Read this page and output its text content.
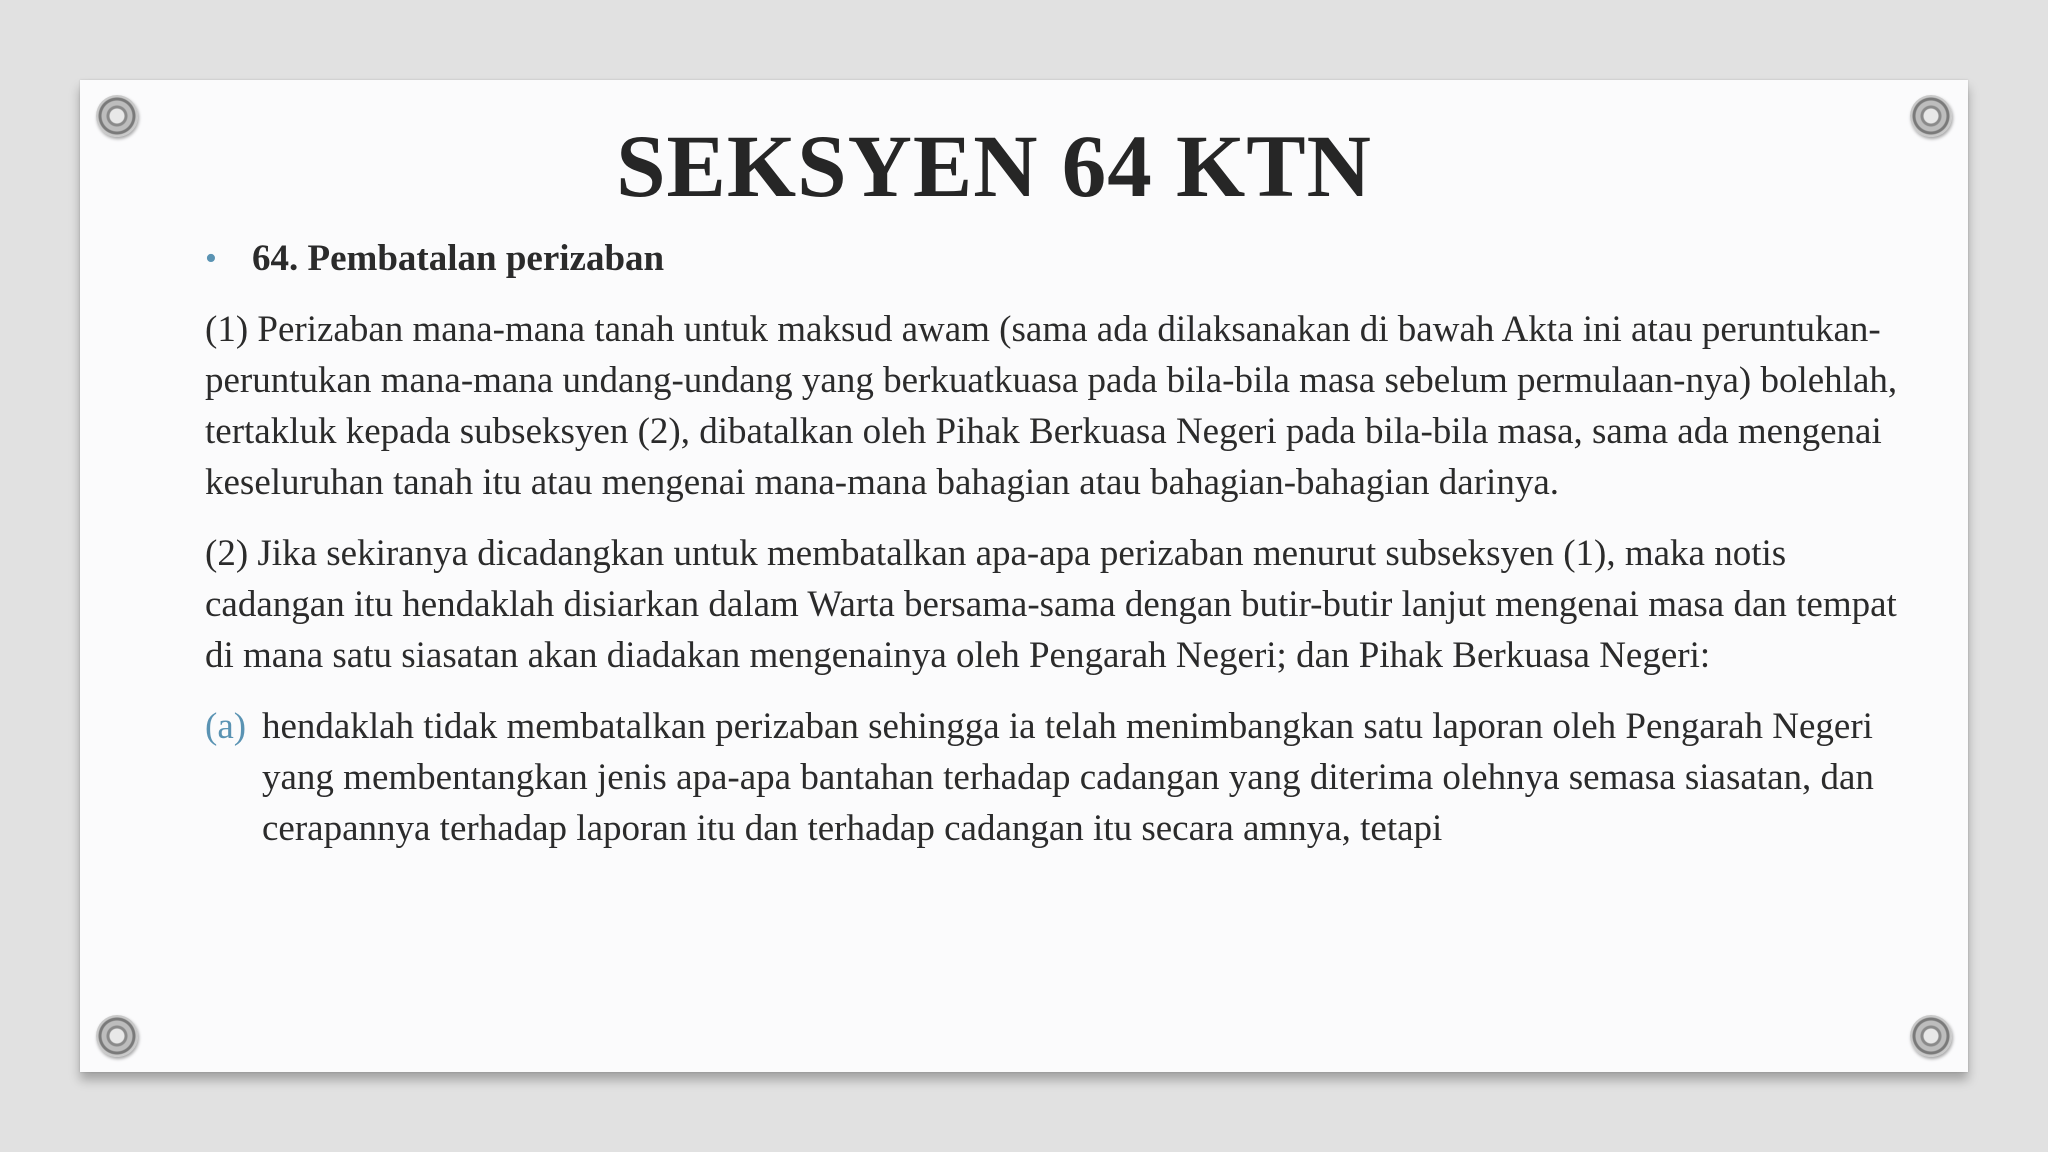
SEKSYEN 64 KTN
• 64. Pembatalan perizaban

(1) Perizaban mana-mana tanah untuk maksud awam (sama ada dilaksanakan di bawah Akta ini atau peruntukan-peruntukan mana-mana undang-undang yang berkuatkuasa pada bila-bila masa sebelum permulaan-nya) bolehlah, tertakluk kepada subseksyen (2), dibatalkan oleh Pihak Berkuasa Negeri pada bila-bila masa, sama ada mengenai keseluruhan tanah itu atau mengenai mana-mana bahagian atau bahagian-bahagian darinya.

(2) Jika sekiranya dicadangkan untuk membatalkan apa-apa perizaban menurut subseksyen (1), maka notis cadangan itu hendaklah disiarkan dalam Warta bersama-sama dengan butir-butir lanjut mengenai masa dan tempat di mana satu siasatan akan diadakan mengenainya oleh Pengarah Negeri; dan Pihak Berkuasa Negeri:

(a) hendaklah tidak membatalkan perizaban sehingga ia telah menimbangkan satu laporan oleh Pengarah Negeri yang membentangkan jenis apa-apa bantahan terhadap cadangan yang diterima olehnya semasa siasatan, dan cerapannya terhadap laporan itu dan terhadap cadangan itu secara amnya, tetapi
